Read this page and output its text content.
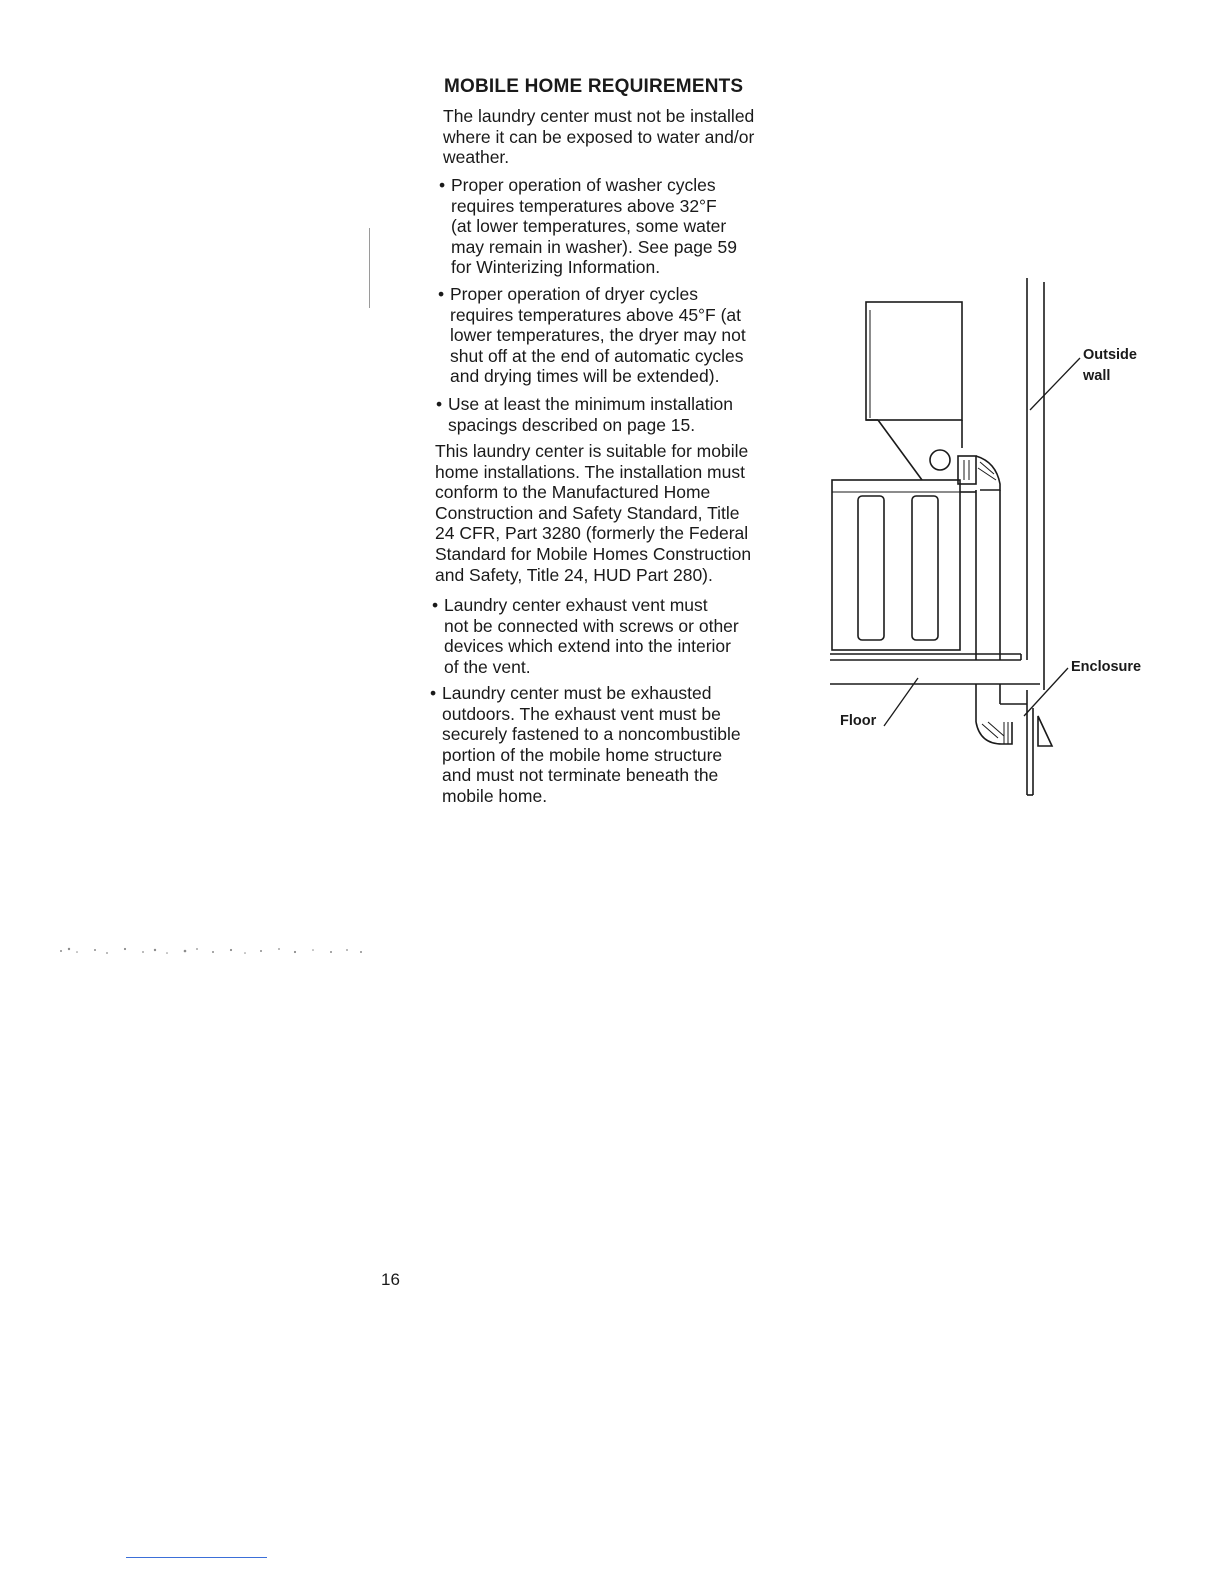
MOBILE HOME REQUIREMENTS

The laundry center must not be installed
where it can be exposed to water and/or
weather.

• Proper operation of washer cycles
requires temperatures above 32°F
(at lower temperatures, some water
may remain in washer). See page 59
for Winterizing Information.
• Proper operation of dryer cycles
requires temperatures above 45°F (at
lower temperatures, the dryer may not
shut off at the end of automatic cycles
and drying times will be extended).
• Use at least the minimum installation
spacings described on page 15.

This laundry center is suitable for mobile
home installations. The installation must
conform to the Manufactured Home
Construction and Safety Standard, Title
24 CFR, Part 3280 (formerly the Federal
Standard for Mobile Homes Construction
and Safety, Title 24, HUD Part 280).

• Laundry center exhaust vent must
not be connected with screws or other
devices which extend into the interior
of the vent.
• Laundry center must be exhausted
outdoors. The exhaust vent must be
securely fastened to a noncombustible
portion of the mobile home structure
and must not terminate beneath the
mobile home.
Outside
wall
Enclosure
Floor
16
